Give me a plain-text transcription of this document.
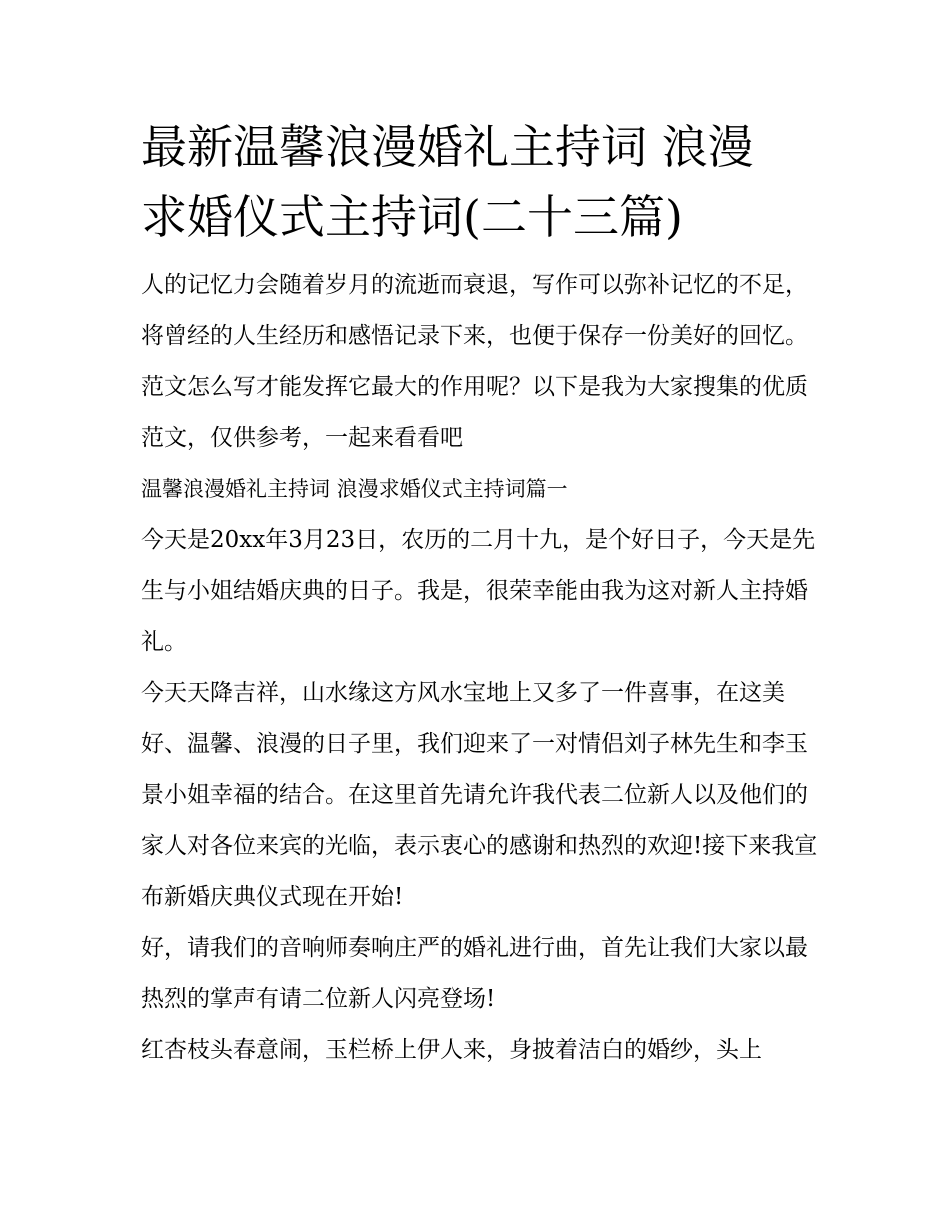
最新温馨浪漫婚礼主持词 浪漫
求婚仪式主持词(二十三篇)

人的记忆力会随着岁月的流逝而衰退，写作可以弥补记忆的不足，将曾经的人生经历和感悟记录下来，也便于保存一份美好的回忆。范文怎么写才能发挥它最大的作用呢？以下是我为大家搜集的优质范文，仅供参考，一起来看看吧

温馨浪漫婚礼主持词 浪漫求婚仪式主持词篇一

今天是20xx年3月23日，农历的二月十九，是个好日子，今天是先生与小姐结婚庆典的日子。我是，很荣幸能由我为这对新人主持婚礼。

今天天降吉祥，山水缘这方风水宝地上又多了一件喜事，在这美好、温馨、浪漫的日子里，我们迎来了一对情侣刘子林先生和李玉景小姐幸福的结合。在这里首先请允许我代表二位新人以及他们的家人对各位来宾的光临，表示衷心的感谢和热烈的欢迎!接下来我宣布新婚庆典仪式现在开始!

好，请我们的音响师奏响庄严的婚礼进行曲，首先让我们大家以最热烈的掌声有请二位新人闪亮登场!

红杏枝头春意闹，玉栏桥上伊人来，身披着洁白的婚纱，头上
